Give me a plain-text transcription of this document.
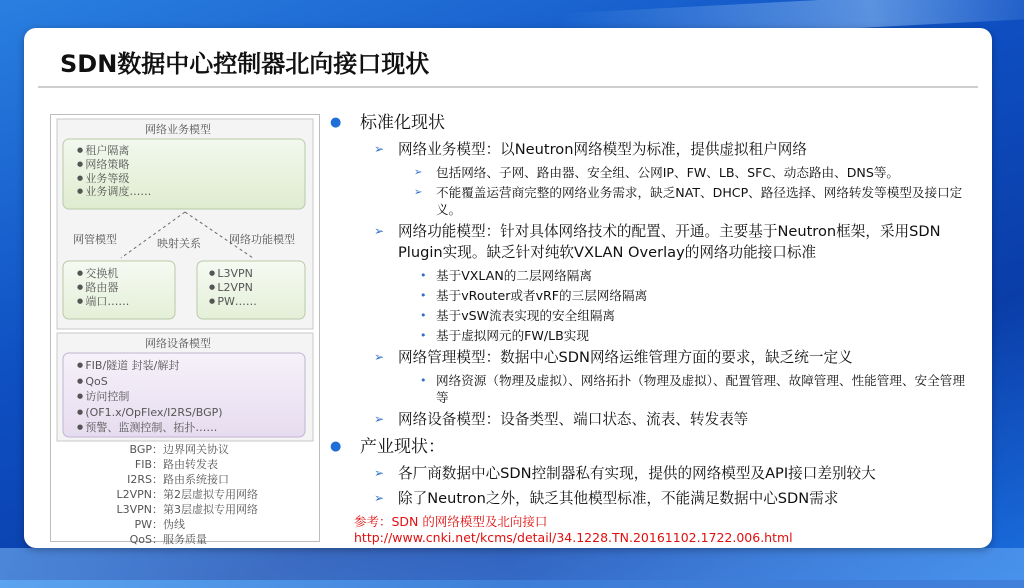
SDN数据中心控制器北向接口现状
网络业务模型
网管模型	映射关系	网络功能模型
网络设备模型
● 租户隔离
● 网络策略
● 业务等级
● 业务调度……
● 交换机
● 路由器
● 端口……
● L3VPN
● L2VPN
● PW……
● FIB/隧道 封装/解封
● QoS
● 访问控制
● (OF1.x/OpFlex/I2RS/BGP)
● 预警、监测控制、拓扑……
BGP： 边界网关协议
FIB： 路由转发表
I2RS： 路由系统接口
L2VPN： 第2层虚拟专用网络
L3VPN： 第3层虚拟专用网络
PW： 伪线
QoS： 服务质量
● 标准化现状
➢ 网络业务模型：以Neutron网络模型为标准，提供虚拟租户网络
➢ 包括网络、子网、路由器、安全组、公网IP、FW、LB、SFC、动态路由、DNS等。
➢ 不能覆盖运营商完整的网络业务需求，缺乏NAT、DHCP、路径选择、网络转发等模型及接口定义。
➢ 网络功能模型：针对具体网络技术的配置、开通。主要基于Neutron框架，采用SDN Plugin实现。缺乏针对纯软VXLAN Overlay的网络功能接口标准
• 基于VXLAN的二层网络隔离
• 基于vRouter或者vRF的三层网络隔离
• 基于vSW流表实现的安全组隔离
• 基于虚拟网元的FW/LB实现
➢ 网络管理模型：数据中心SDN网络运维管理方面的要求，缺乏统一定义
• 网络资源（物理及虚拟）、网络拓扑（物理及虚拟）、配置管理、故障管理、性能管理、安全管理等
➢ 网络设备模型：设备类型、端口状态、流表、转发表等
● 产业现状：
➢ 各厂商数据中心SDN控制器私有实现，提供的网络模型及API接口差别较大
➢ 除了Neutron之外，缺乏其他模型标准，不能满足数据中心SDN需求
参考：SDN 的网络模型及北向接口
http://www.cnki.net/kcms/detail/34.1228.TN.20161102.1722.006.html
